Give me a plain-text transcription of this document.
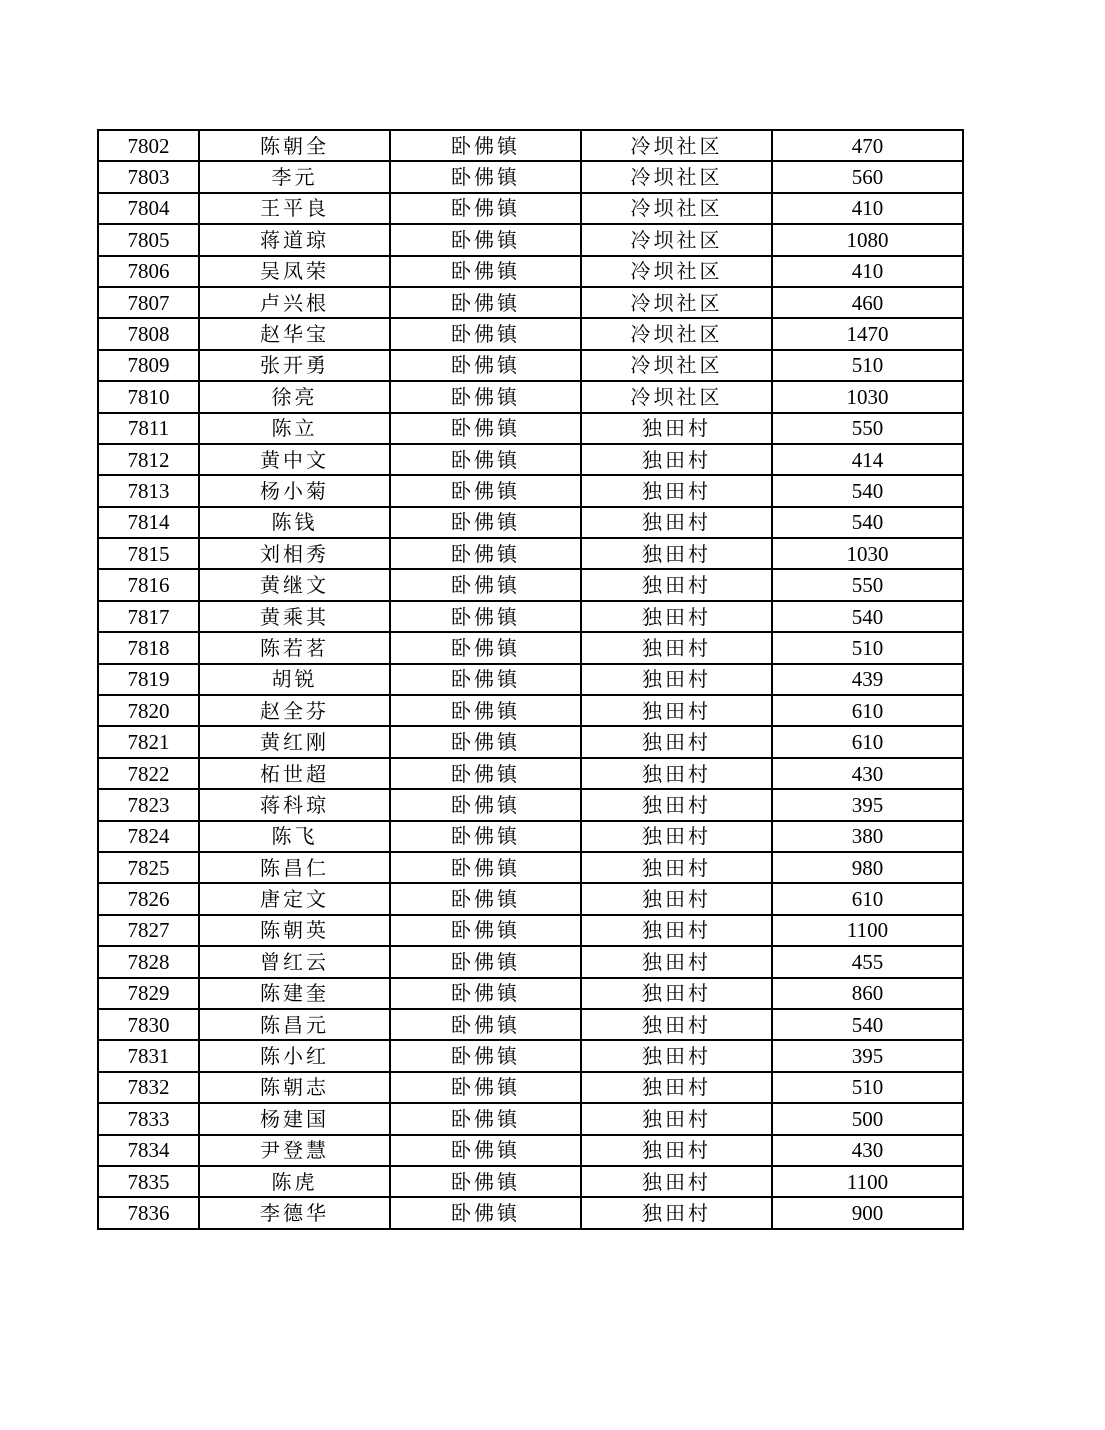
7802	陈朝全	卧佛镇	冷坝社区	470
7803	李元	卧佛镇	冷坝社区	560
7804	王平良	卧佛镇	冷坝社区	410
7805	蒋道琼	卧佛镇	冷坝社区	1080
7806	吴凤荣	卧佛镇	冷坝社区	410
7807	卢兴根	卧佛镇	冷坝社区	460
7808	赵华宝	卧佛镇	冷坝社区	1470
7809	张开勇	卧佛镇	冷坝社区	510
7810	徐亮	卧佛镇	冷坝社区	1030
7811	陈立	卧佛镇	独田村	550
7812	黄中文	卧佛镇	独田村	414
7813	杨小菊	卧佛镇	独田村	540
7814	陈钱	卧佛镇	独田村	540
7815	刘相秀	卧佛镇	独田村	1030
7816	黄继文	卧佛镇	独田村	550
7817	黄乘其	卧佛镇	独田村	540
7818	陈若茗	卧佛镇	独田村	510
7819	胡锐	卧佛镇	独田村	439
7820	赵全芬	卧佛镇	独田村	610
7821	黄红刚	卧佛镇	独田村	610
7822	柘世超	卧佛镇	独田村	430
7823	蒋科琼	卧佛镇	独田村	395
7824	陈飞	卧佛镇	独田村	380
7825	陈昌仁	卧佛镇	独田村	980
7826	唐定文	卧佛镇	独田村	610
7827	陈朝英	卧佛镇	独田村	1100
7828	曾红云	卧佛镇	独田村	455
7829	陈建奎	卧佛镇	独田村	860
7830	陈昌元	卧佛镇	独田村	540
7831	陈小红	卧佛镇	独田村	395
7832	陈朝志	卧佛镇	独田村	510
7833	杨建国	卧佛镇	独田村	500
7834	尹登慧	卧佛镇	独田村	430
7835	陈虎	卧佛镇	独田村	1100
7836	李德华	卧佛镇	独田村	900
